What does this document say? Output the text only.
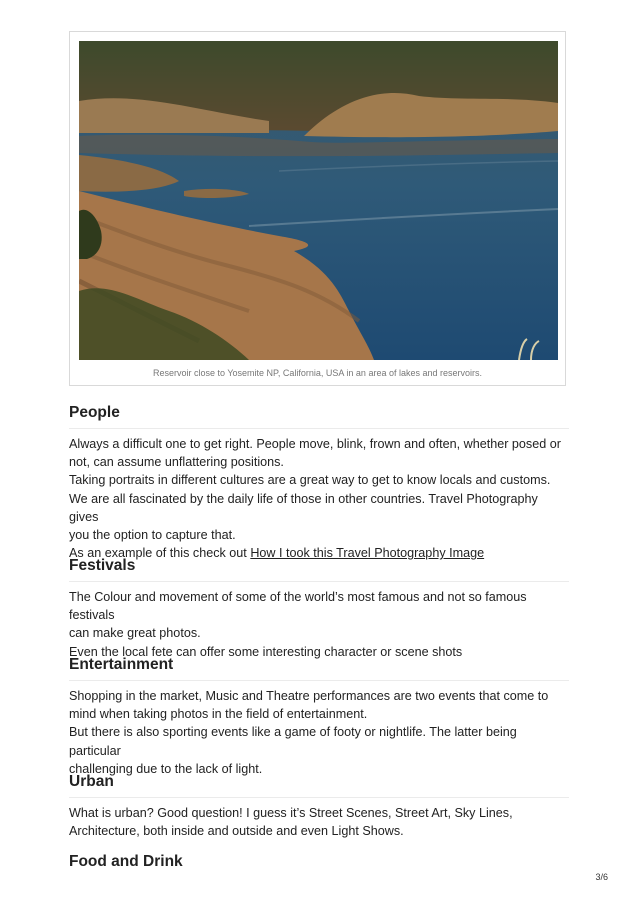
Reservoir close to Yosemite NP, California, USA in an area of lakes and reservoirs.
People

Always a difficult one to get right. People move, blink, frown and often, whether posed or

not, can assume unflattering positions.

Taking portraits in different cultures are a great way to get to know locals and customs.

We are all fascinated by the daily life of those in other countries. Travel Photography gives

you the option to capture that.

As an example of this check out How I took this Travel Photography Image

Festivals

The Colour and movement of some of the world’s most famous and not so famous festivals

can make great photos.

Even the local fete can offer some interesting character or scene shots

Entertainment

Shopping in the market, Music and Theatre performances are two events that come to

mind when taking photos in the field of entertainment.

But there is also sporting events like a game of footy or nightlife. The latter being particular

challenging due to the lack of light.

Urban

What is urban? Good question! I guess it’s Street Scenes, Street Art, Sky Lines,

Architecture, both inside and outside and even Light Shows.

Food and Drink
3/6
